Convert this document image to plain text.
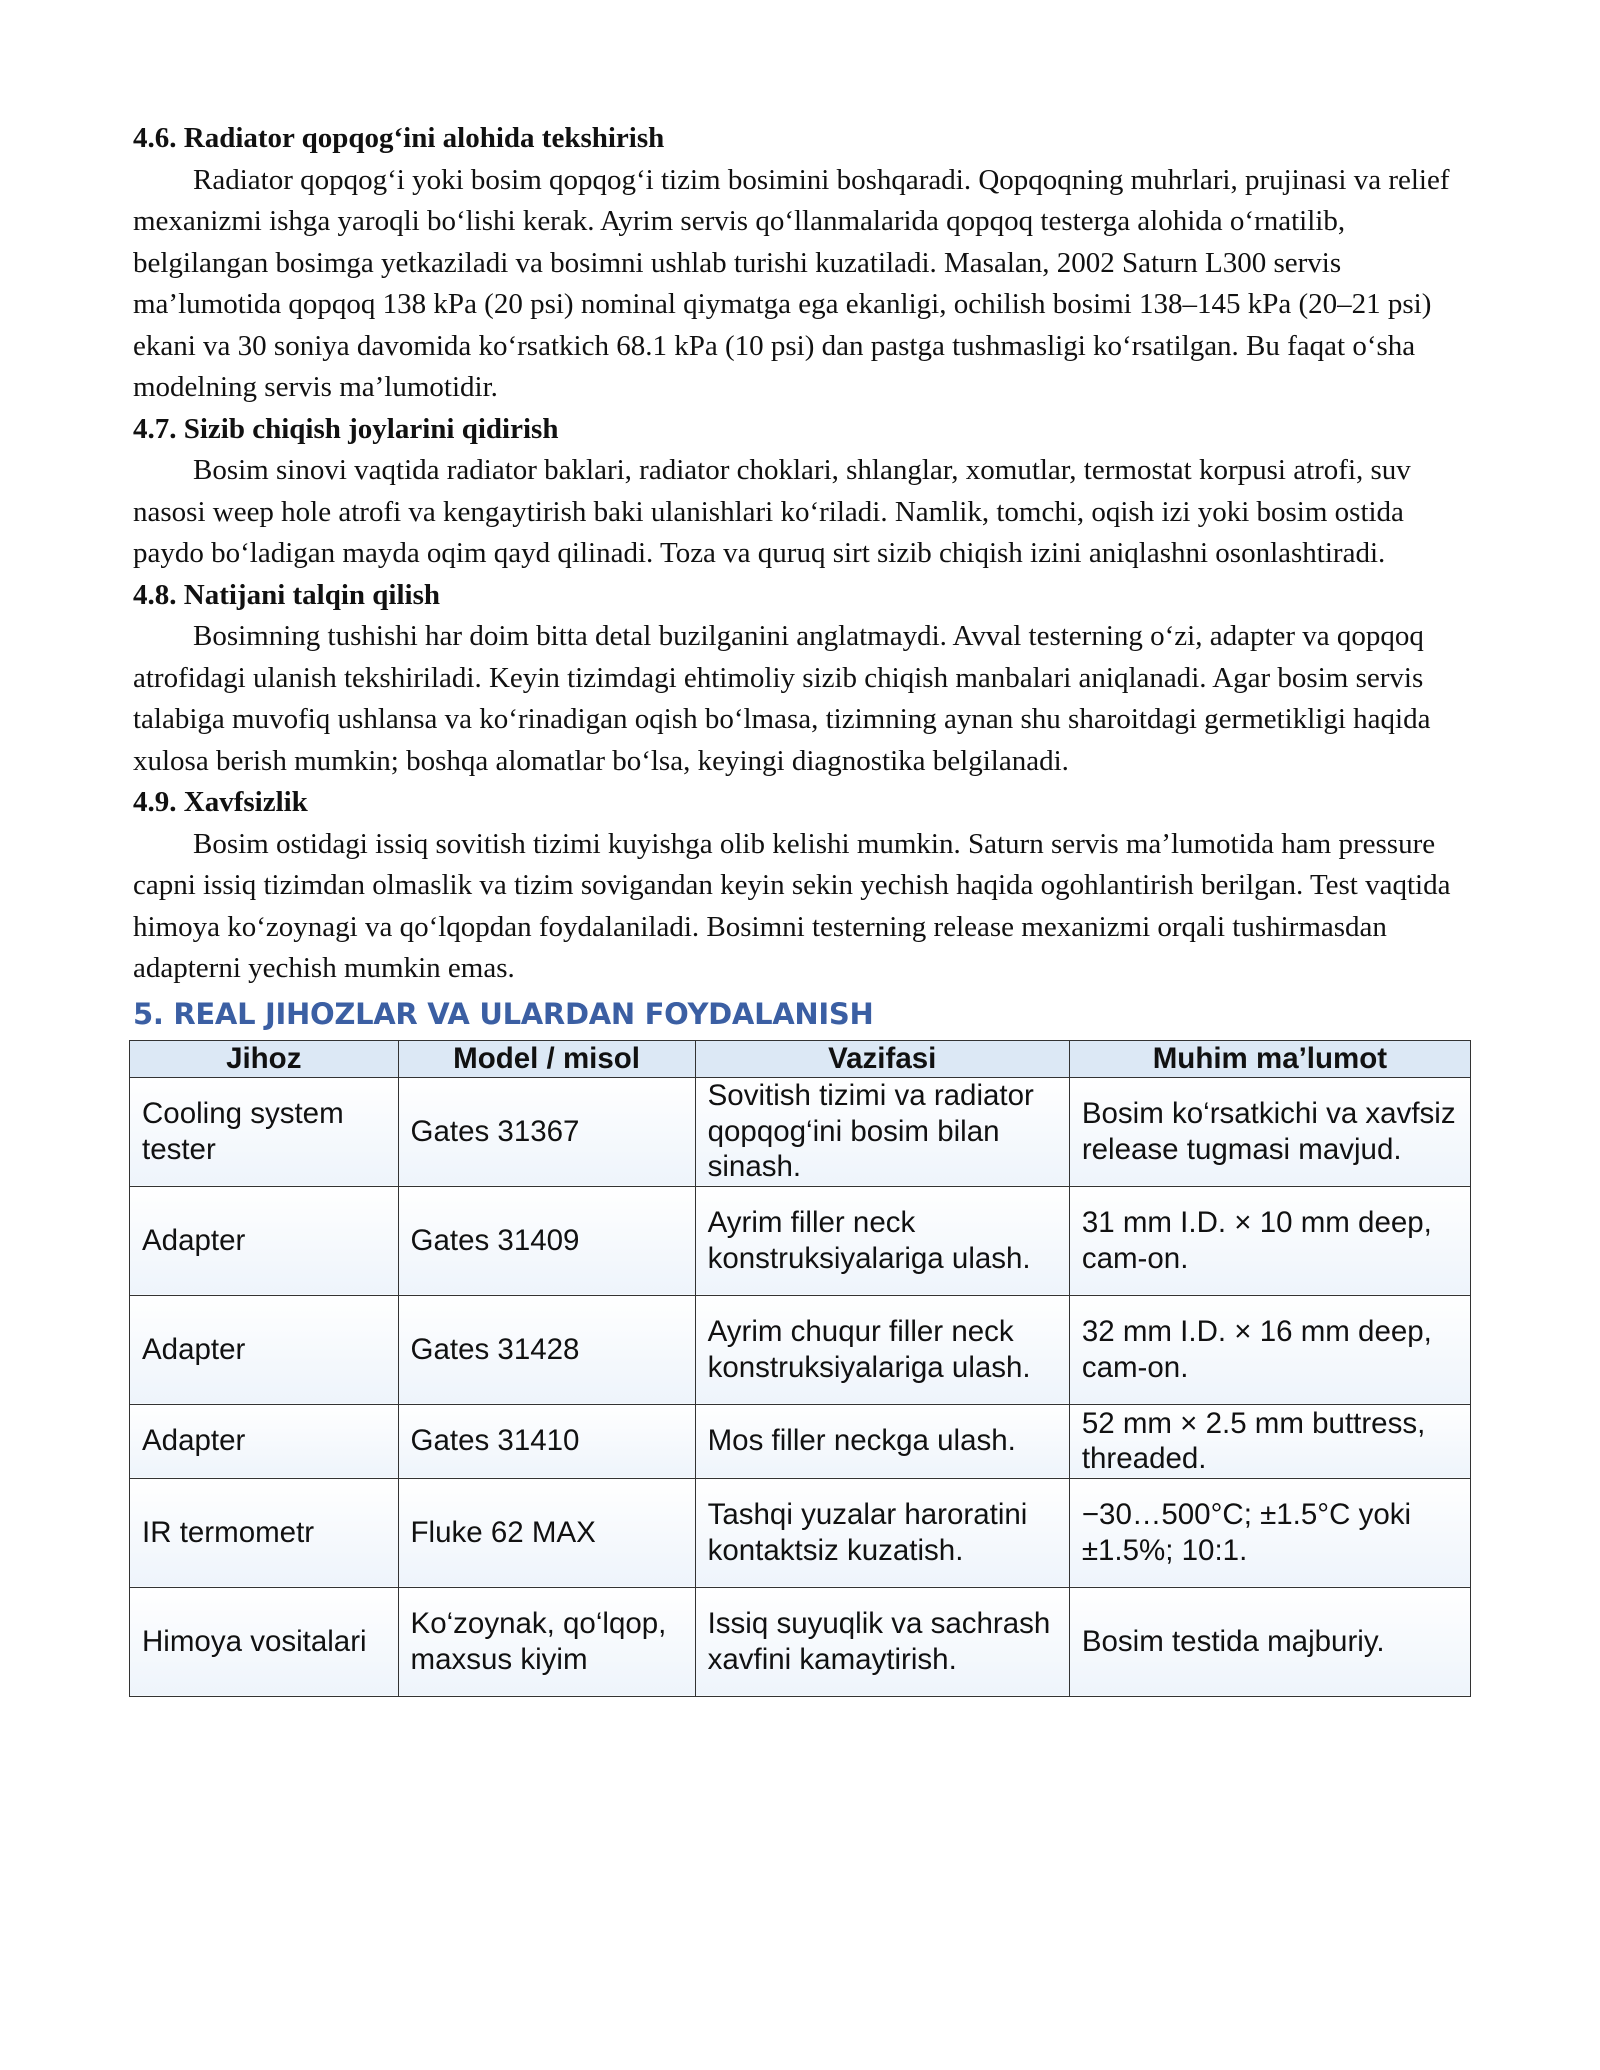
4.6. Radiator qopqog‘ini alohida tekshirish

Radiator qopqog‘i yoki bosim qopqog‘i tizim bosimini boshqaradi. Qopqoqning muhrlari, prujinasi va relief mexanizmi ishga yaroqli bo‘lishi kerak. Ayrim servis qo‘llanmalarida qopqoq testerga alohida o‘rnatilib, belgilangan bosimga yetkaziladi va bosimni ushlab turishi kuzatiladi. Masalan, 2002 Saturn L300 servis ma’lumotida qopqoq 138 kPa (20 psi) nominal qiymatga ega ekanligi, ochilish bosimi 138–145 kPa (20–21 psi) ekani va 30 soniya davomida ko‘rsatkich 68.1 kPa (10 psi) dan pastga tushmasligi ko‘rsatilgan. Bu faqat o‘sha modelning servis ma’lumotidir.

4.7. Sizib chiqish joylarini qidirish

Bosim sinovi vaqtida radiator baklari, radiator choklari, shlanglar, xomutlar, termostat korpusi atrofi, suv nasosi weep hole atrofi va kengaytirish baki ulanishlari ko‘riladi. Namlik, tomchi, oqish izi yoki bosim ostida paydo bo‘ladigan mayda oqim qayd qilinadi. Toza va quruq sirt sizib chiqish izini aniqlashni osonlashtiradi.

4.8. Natijani talqin qilish

Bosimning tushishi har doim bitta detal buzilganini anglatmaydi. Avval testerning o‘zi, adapter va qopqoq atrofidagi ulanish tekshiriladi. Keyin tizimdagi ehtimoliy sizib chiqish manbalari aniqlanadi. Agar bosim servis talabiga muvofiq ushlansa va ko‘rinadigan oqish bo‘lmasa, tizimning aynan shu sharoitdagi germetikligi haqida xulosa berish mumkin; boshqa alomatlar bo‘lsa, keyingi diagnostika belgilanadi.

4.9. Xavfsizlik

Bosim ostidagi issiq sovitish tizimi kuyishga olib kelishi mumkin. Saturn servis ma’lumotida ham pressure capni issiq tizimdan olmaslik va tizim sovigandan keyin sekin yechish haqida ogohlantirish berilgan. Test vaqtida himoya ko‘zoynagi va qo‘lqopdan foydalaniladi. Bosimni testerning release mexanizmi orqali tushirmasdan adapterni yechish mumkin emas.

5. REAL JIHOZLAR VA ULARDAN FOYDALANISH
Jihoz	Model / misol	Vazifasi	Muhim ma’lumot
Cooling system tester	Gates 31367	Sovitish tizimi va radiator qopqog‘ini bosim bilan sinash.	Bosim ko‘rsatkichi va xavfsiz release tugmasi mavjud.
Adapter	Gates 31409	Ayrim filler neck konstruksiyalariga ulash.	31 mm I.D. × 10 mm deep, cam-on.
Adapter	Gates 31428	Ayrim chuqur filler neck konstruksiyalariga ulash.	32 mm I.D. × 16 mm deep, cam-on.
Adapter	Gates 31410	Mos filler neckga ulash.	52 mm × 2.5 mm buttress, threaded.
IR termometr	Fluke 62 MAX	Tashqi yuzalar haroratini kontaktsiz kuzatish.	−30…500°C; ±1.5°C yoki ±1.5%; 10:1.
Himoya vositalari	Ko‘zoynak, qo‘lqop, maxsus kiyim	Issiq suyuqlik va sachrash xavfini kamaytirish.	Bosim testida majburiy.
